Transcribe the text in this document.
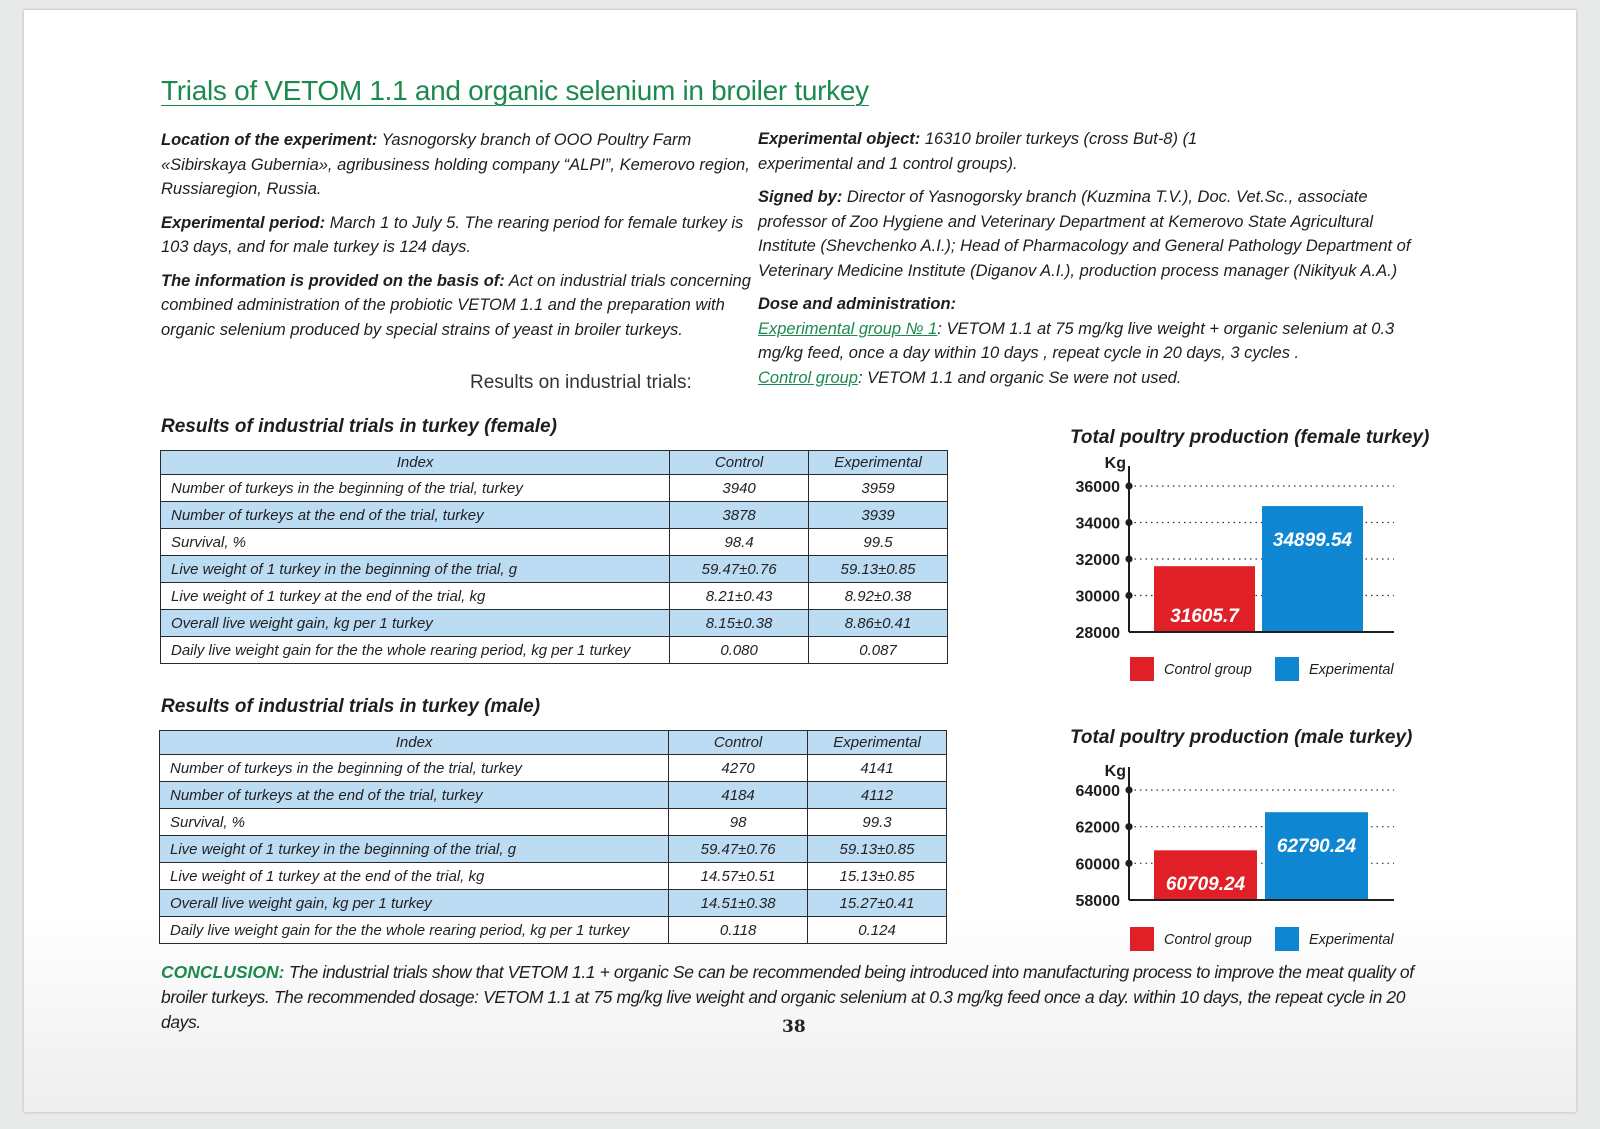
Trials of VETOM 1.1 and organic selenium in broiler turkey

Location of the experiment: Yasnogorsky branch of OOO Poultry Farm «Sibirskaya Gubernia», agribusiness holding company “ALPI”, Kemerovo region, Russiaregion, Russia.

Experimental period: March 1 to July 5. The rearing period for female turkey is 103 days, and for male turkey is 124 days.

The information is provided on the basis of: Act on industrial trials concerning combined administration of the probiotic VETOM 1.1 and the preparation with organic selenium produced by special strains of yeast in broiler turkeys.

Experimental object: 16310 broiler turkeys (cross But-8) (1 experimental and 1 control groups).

Signed by: Director of Yasnogorsky branch (Kuzmina T.V.), Doc. Vet.Sc., associate professor of Zoo Hygiene and Veterinary Department at Kemerovo State Agricultural Institute (Shevchenko A.I.); Head of Pharmacology and General Pathology Department of Veterinary Medicine Institute (Diganov A.I.), production process manager (Nikityuk A.A.)

Dose and administration:
Experimental group № 1: VETOM 1.1 at 75 mg/kg live weight + organic selenium at 0.3 mg/kg feed, once a day within 10 days , repeat cycle in 20 days, 3 cycles .
Control group: VETOM 1.1 and organic Se were not used.

Results on industrial trials:
Results of industrial trials in turkey (female)
Index	Control	Experimental
Number of turkeys in the beginning of the trial, turkey	3940	3959
Number of turkeys at the end of the trial, turkey	3878	3939
Survival, %	98.4	99.5
Live weight of 1 turkey in the beginning of the trial, g	59.47±0.76	59.13±0.85
Live weight of 1 turkey at the end of the trial, kg	8.21±0.43	8.92±0.38
Overall live weight gain, kg per 1 turkey	8.15±0.38	8.86±0.41
Daily live weight gain for the the whole rearing period, kg per 1 turkey	0.080	0.087
Results of industrial trials in turkey (male)
Index	Control	Experimental
Number of turkeys in the beginning of the trial, turkey	4270	4141
Number of turkeys at the end of the trial, turkey	4184	4112
Survival, %	98	99.3
Live weight of 1 turkey in the beginning of the trial, g	59.47±0.76	59.13±0.85
Live weight of 1 turkey at the end of the trial, kg	14.57±0.51	15.13±0.85
Overall live weight gain, kg per 1 turkey	14.51±0.38	15.27±0.41
Daily live weight gain for the the whole rearing period, kg per 1 turkey	0.118	0.124
Total poultry production (female turkey)
Kg
28000
30000
32000
34000
36000
31605.7
34899.54
Control group	Experimental
Total poultry production (male turkey)
Kg
58000
60000
62000
64000
60709.24
62790.24
Control group	Experimental

CONCLUSION: The industrial trials show that VETOM 1.1 + organic Se can be recommended being introduced into manufacturing process to improve the meat quality of broiler turkeys. The recommended dosage: VETOM 1.1 at 75 mg/kg live weight and organic selenium at 0.3 mg/kg feed once a day. within 10 days, the repeat cycle in 20 days.	38
